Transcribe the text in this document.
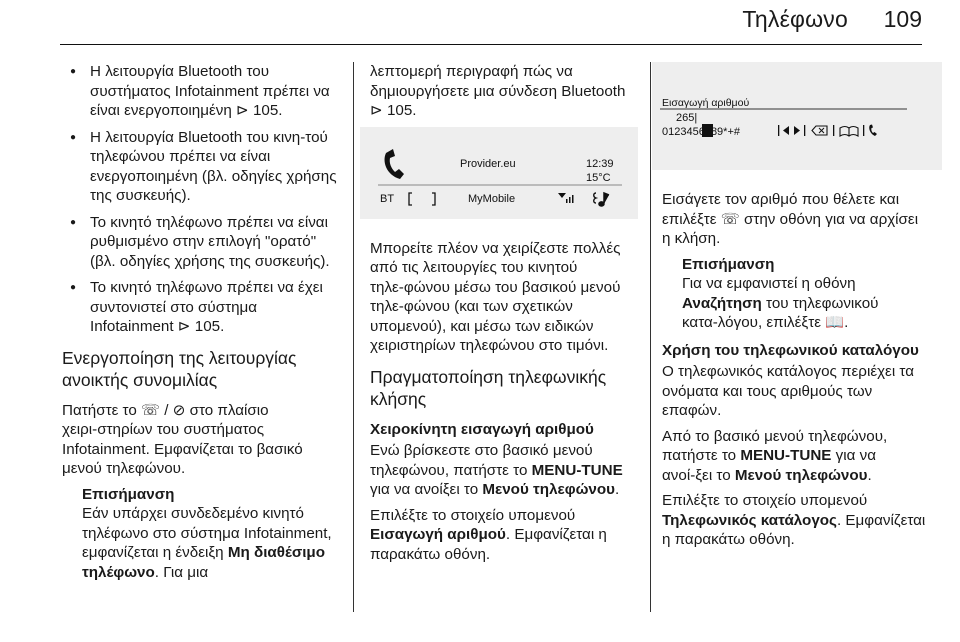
Τηλέφωνο 109
● Η λειτουργία Bluetooth του συστήματος Infotainment πρέπει να είναι ενεργοποιημένη ⊳ 105.
● Η λειτουργία Bluetooth του κινη‑τού τηλεφώνου πρέπει να είναι ενεργοποιημένη (βλ. οδηγίες χρήσης της συσκευής).
● Το κινητό τηλέφωνο πρέπει να είναι ρυθμισμένο στην επιλογή "ορατό" (βλ. οδηγίες χρήσης της συσκευής).
● Το κινητό τηλέφωνο πρέπει να έχει συντονιστεί στο σύστημα Infotainment ⊳ 105.
Ενεργοποίηση της λειτουργίας ανοικτής συνομιλίας

Πατήστε το ☏ / ⊘ στο πλαίσιο χειρι‑στηρίων του συστήματος Infotainment. Εμφανίζεται το βασικό μενού τηλεφώνου.

Επισήμανση
Εάν υπάρχει συνδεδεμένο κινητό τηλέφωνο στο σύστημα Infotainment, εμφανίζεται η ένδειξη Μη διαθέσιμο τηλέφωνο. Για μια

λεπτομερή περιγραφή πώς να δημιουργήσετε μια σύνδεση Bluetooth ⊳ 105.

Provider.eu	12:39
15°C
BT	MyMobile

Μπορείτε πλέον να χειρίζεστε πολλές από τις λειτουργίες του κινητού τηλε‑φώνου μέσω του βασικού μενού τηλε‑φώνου (και των σχετικών υπομενού), και μέσω των ειδικών χειριστηρίων τηλεφώνου στο τιμόνι.

Πραγματοποίηση τηλεφωνικής κλήσης
Χειροκίνητη εισαγωγή αριθμού

Ενώ βρίσκεστε στο βασικό μενού τηλεφώνου, πατήστε το MENU‑TUNE για να ανοίξει το Μενού τηλεφώνου.

Επιλέξτε το στοιχείο υπομενού Εισαγωγή αριθμού. Εμφανίζεται η παρακάτω οθόνη.

Εισαγωγή αριθμού
265|
0123456789*+#

Εισάγετε τον αριθμό που θέλετε και επιλέξτε ☏ στην οθόνη για να αρχίσει η κλήση.

Επισήμανση
Για να εμφανιστεί η οθόνη Αναζήτηση του τηλεφωνικού κατα‑λόγου, επιλέξτε 📖.
Χρήση του τηλεφωνικού καταλόγου

Ο τηλεφωνικός κατάλογος περιέχει τα ονόματα και τους αριθμούς των επαφών.

Από το βασικό μενού τηλεφώνου, πατήστε το MENU‑TUNE για να ανοί‑ξει το Μενού τηλεφώνου.

Επιλέξτε το στοιχείο υπομενού Τηλεφωνικός κατάλογος. Εμφανίζεται η παρακάτω οθόνη.
